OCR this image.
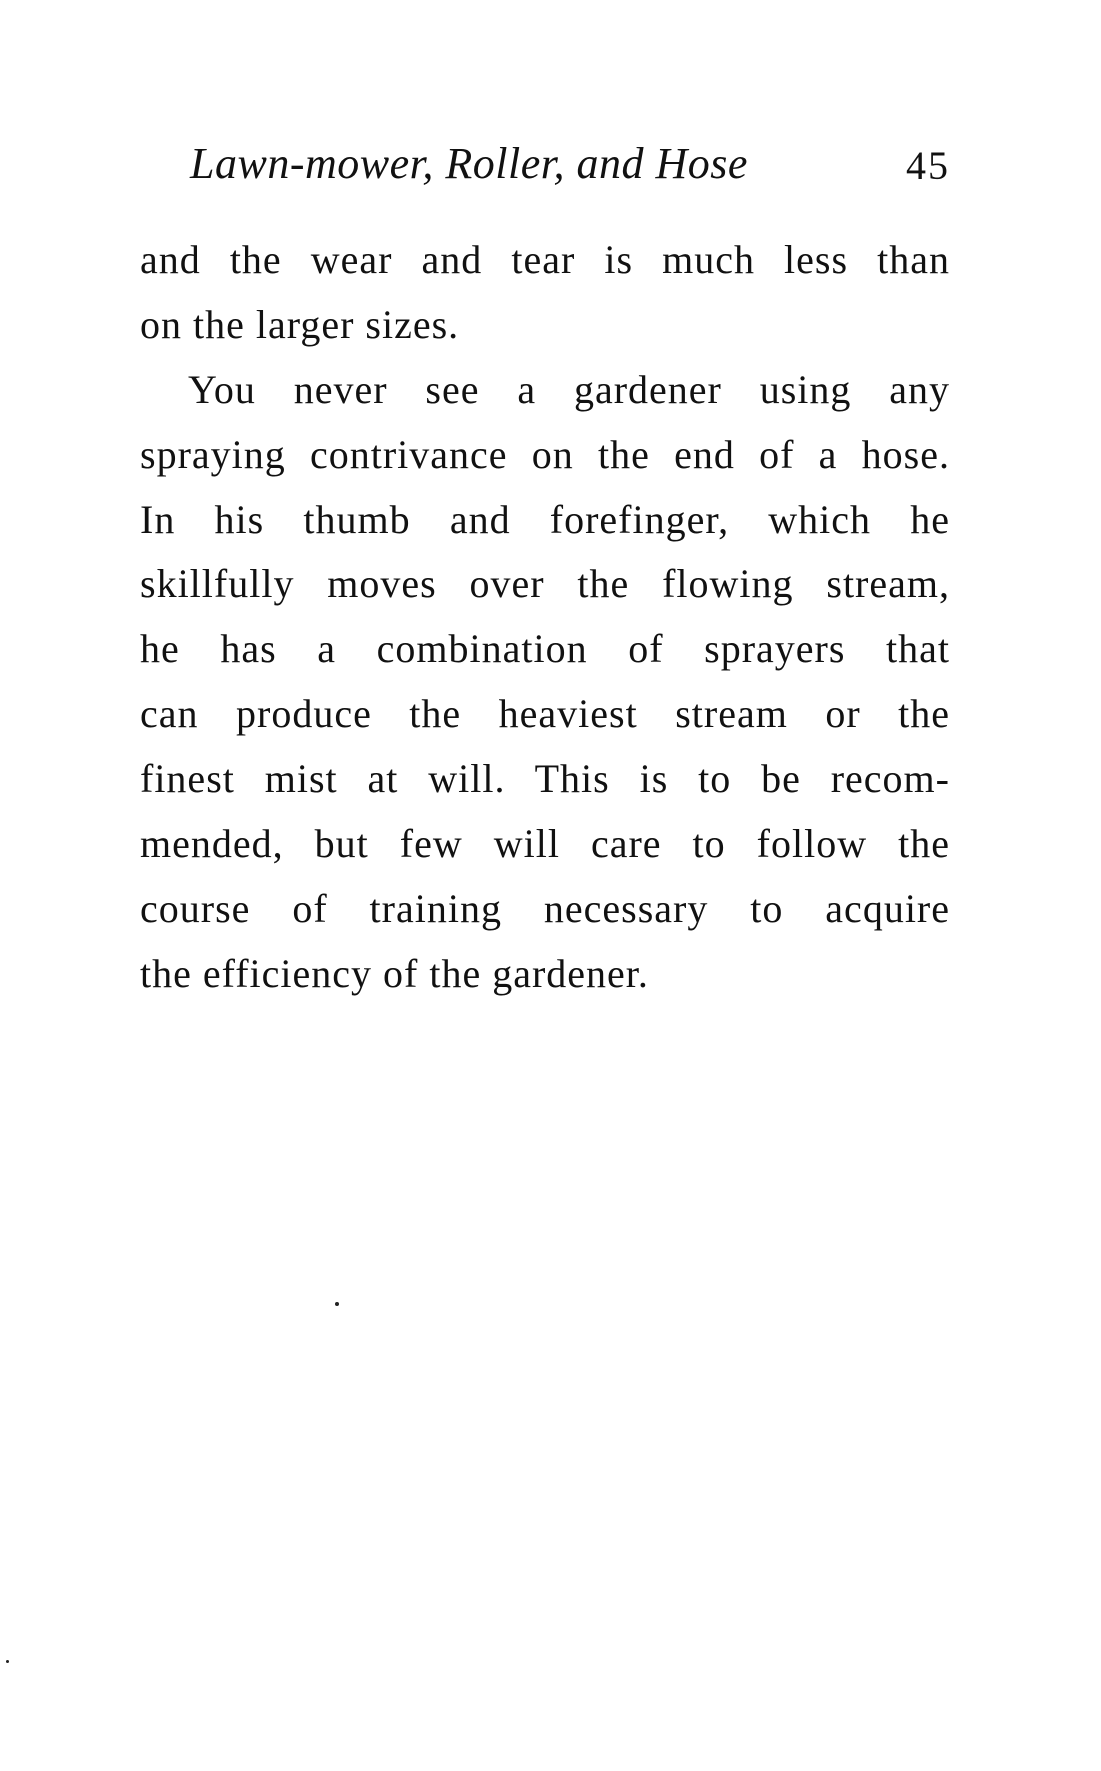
Lawn-mower, Roller, and Hose	45
and the wear and tear is much less than
on the larger sizes.
You never see a gardener using any
spraying contrivance on the end of a hose.
In his thumb and forefinger, which he
skillfully moves over the flowing stream,
he has a combination of sprayers that
can produce the heaviest stream or the
finest mist at will. This is to be recom-
mended, but few will care to follow the
course of training necessary to acquire
the efficiency of the gardener.
